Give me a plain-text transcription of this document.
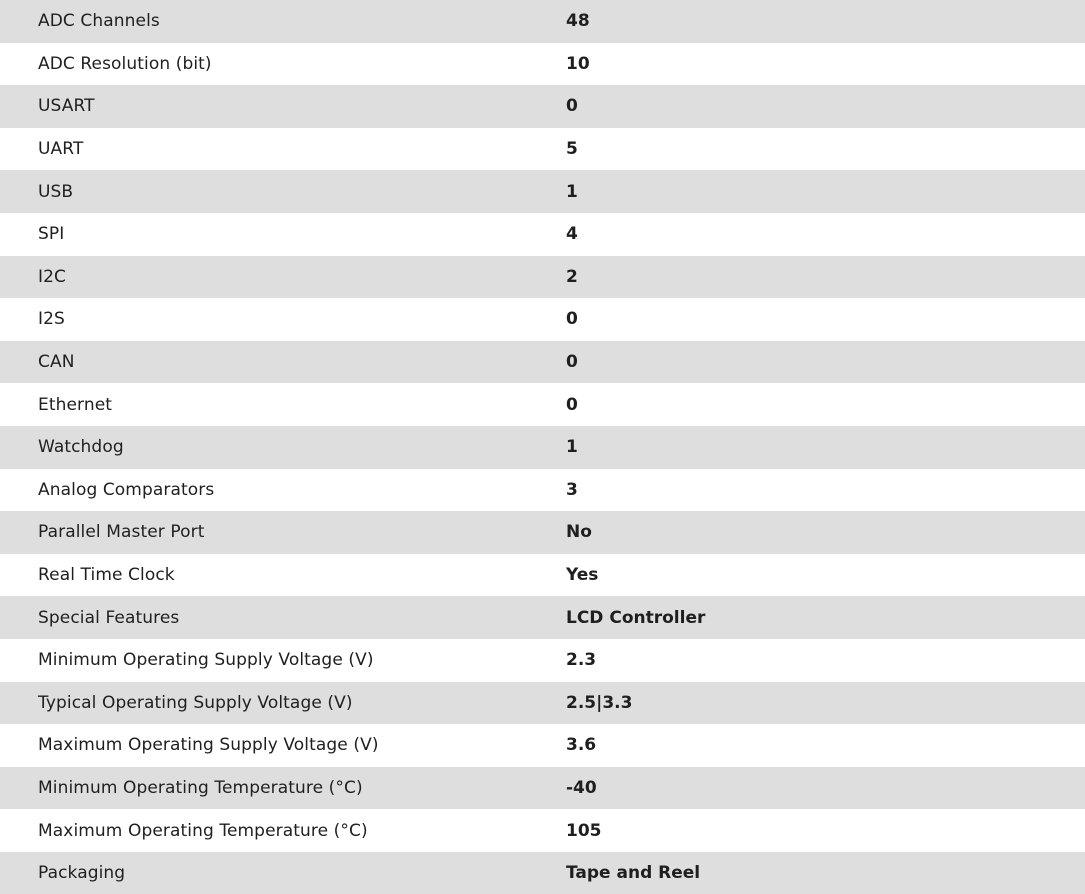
ADC Channels	48
ADC Resolution (bit)	10
USART	0
UART	5
USB	1
SPI	4
I2C	2
I2S	0
CAN	0
Ethernet	0
Watchdog	1
Analog Comparators	3
Parallel Master Port	No
Real Time Clock	Yes
Special Features	LCD Controller
Minimum Operating Supply Voltage (V)	2.3
Typical Operating Supply Voltage (V)	2.5|3.3
Maximum Operating Supply Voltage (V)	3.6
Minimum Operating Temperature (°C)	-40
Maximum Operating Temperature (°C)	105
Packaging	Tape and Reel
